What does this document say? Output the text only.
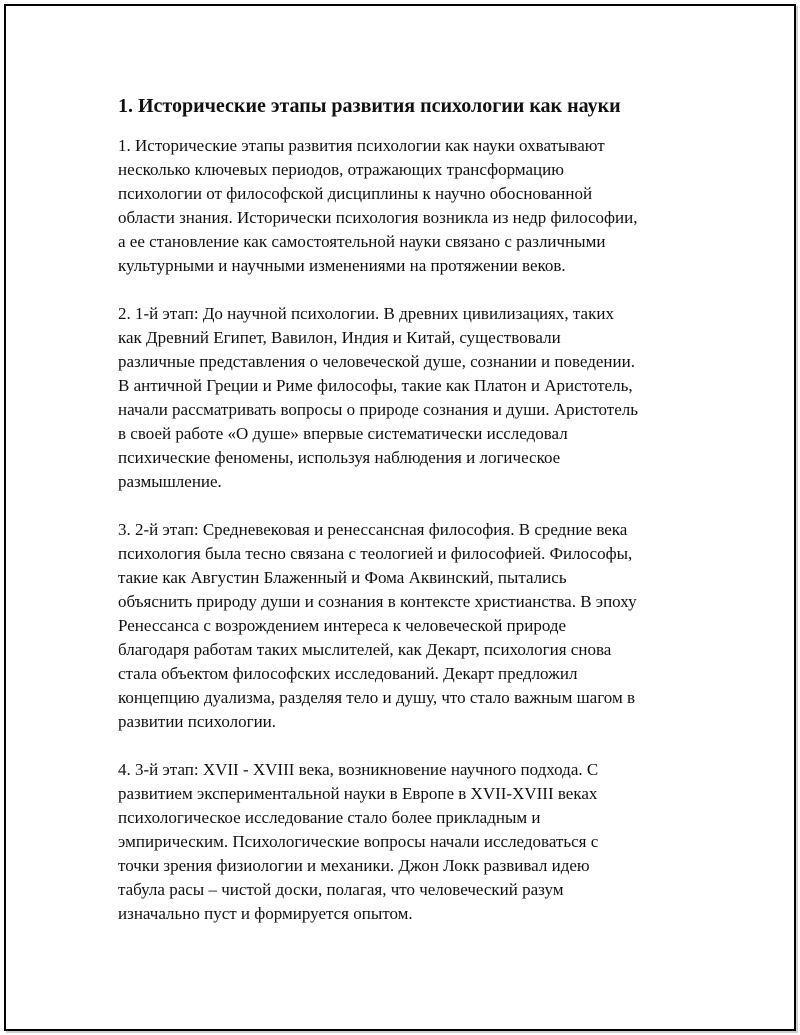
1. Исторические этапы развития психологии как науки
1. Исторические этапы развития психологии как науки охватывают
несколько ключевых периодов, отражающих трансформацию
психологии от философской дисциплины к научно обоснованной
области знания. Исторически психология возникла из недр философии,
а ее становление как самостоятельной науки связано с различными
культурными и научными изменениями на протяжении веков.
2. 1-й этап: До научной психологии. В древних цивилизациях, таких
как Древний Египет, Вавилон, Индия и Китай, существовали
различные представления о человеческой душе, сознании и поведении.
В античной Греции и Риме философы, такие как Платон и Аристотель,
начали рассматривать вопросы о природе сознания и души. Аристотель
в своей работе «О душе» впервые систематически исследовал
психические феномены, используя наблюдения и логическое
размышление.
3. 2-й этап: Средневековая и ренессансная философия. В средние века
психология была тесно связана с теологией и философией. Философы,
такие как Августин Блаженный и Фома Аквинский, пытались
объяснить природу души и сознания в контексте христианства. В эпоху
Ренессанса с возрождением интереса к человеческой природе
благодаря работам таких мыслителей, как Декарт, психология снова
стала объектом философских исследований. Декарт предложил
концепцию дуализма, разделяя тело и душу, что стало важным шагом в
развитии психологии.
4. 3-й этап: XVII - XVIII века, возникновение научного подхода. С
развитием экспериментальной науки в Европе в XVII-XVIII веках
психологическое исследование стало более прикладным и
эмпирическим. Психологические вопросы начали исследоваться с
точки зрения физиологии и механики. Джон Локк развивал идею
табула расы – чистой доски, полагая, что человеческий разум
изначально пуст и формируется опытом.
